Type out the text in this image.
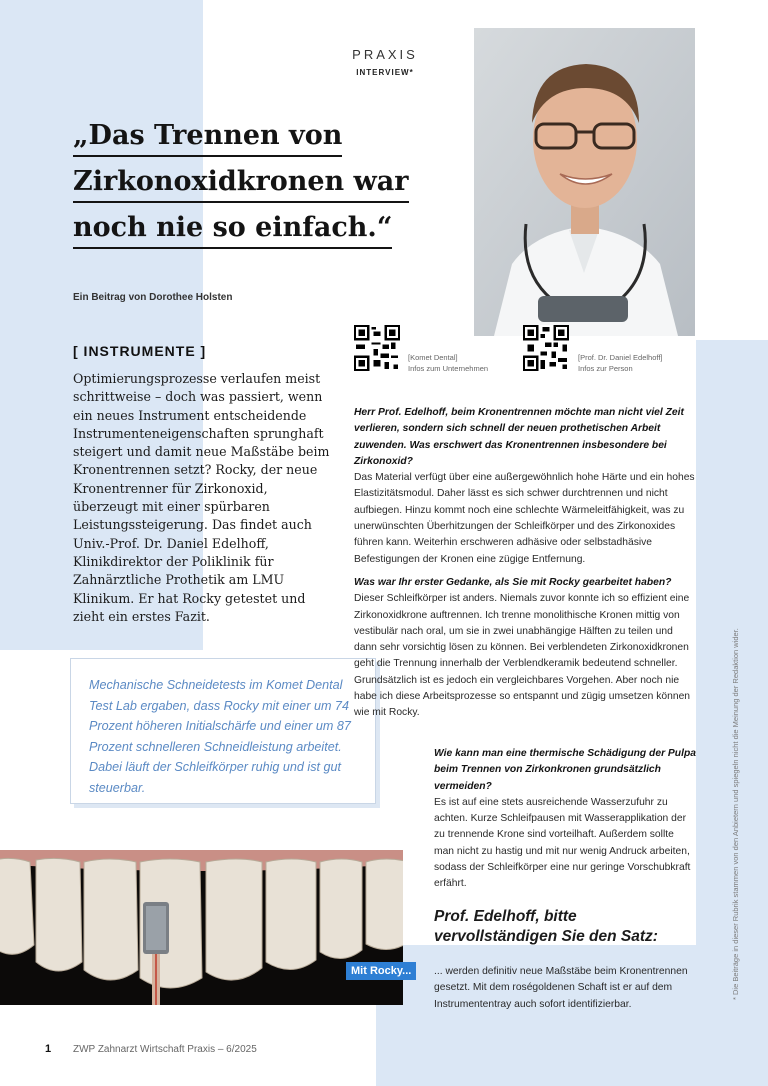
PRAXIS
INTERVIEW*
„Das Trennen von
Zirkonoxidkronen war
noch nie so einfach.“
Ein Beitrag von Dorothee Holsten
[Komet Dental]
Infos zum Unternehmen
[Prof. Dr. Daniel Edelhoff]
Infos zur Person
[ INSTRUMENTE ]

Optimierungsprozesse verlaufen meist schrittweise – doch was passiert, wenn ein neues Instrument entscheidende Instrumenteneigenschaften sprunghaft steigert und damit neue Maßstäbe beim Kronentrennen setzt? Rocky, der neue Kronentrenner für Zirkonoxid, überzeugt mit einer spürbaren Leistungssteigerung. Das findet auch Univ.-Prof. Dr. Daniel Edelhoff, Klinikdirektor der Poliklinik für Zahnärztliche Prothetik am LMU Klinikum. Er hat Rocky getestet und zieht ein erstes Fazit.

Mechanische Schneidetests im Komet Dental Test Lab ergaben, dass Rocky mit einer um 74 Prozent höheren Initialschärfe und einer um 87 Prozent schnelleren Schneidleistung arbeitet. Dabei läuft der Schleifkörper ruhig und ist gut steuerbar.

Herr Prof. Edelhoff, beim Kronentrennen möchte man nicht viel Zeit verlieren, sondern sich schnell der neuen prothetischen Arbeit zuwenden. Was erschwert das Kronentrennen insbesondere bei Zirkonoxid?
Das Material verfügt über eine außergewöhnlich hohe Härte und ein hohes Elastizitätsmodul. Daher lässt es sich schwer durchtrennen und nicht aufbiegen. Hinzu kommt noch eine schlechte Wärmeleitfähigkeit, was zu unerwünschten Überhitzungen der Schleifkörper und des Zirkonoxides führen kann. Weiterhin erschweren adhäsive oder selbstadhäsive Befestigungen der Kronen eine zügige Entfernung.
Was war Ihr erster Gedanke, als Sie mit Rocky gearbeitet haben?
Dieser Schleifkörper ist anders. Niemals zuvor konnte ich so effizient eine Zirkonoxidkrone auftrennen. Ich trenne monolithische Kronen mittig von vestibulär nach oral, um sie in zwei unabhängige Hälften zu teilen und dann sehr vorsichtig lösen zu können. Bei verblendeten Zirkonoxidkronen geht die Trennung innerhalb der Verblendkeramik bedeutend schneller. Grundsätzlich ist es jedoch ein vergleichbares Vorgehen. Aber noch nie habe ich diese Arbeitsprozesse so entspannt und zügig umsetzen können wie mit Rocky.
Wie kann man eine thermische Schädigung der Pulpa beim Trennen von Zirkonkronen grundsätzlich vermeiden?
Es ist auf eine stets ausreichende Wasserzufuhr zu achten. Kurze Schleifpausen mit Wasserapplikation der zu trennende Krone sind vorteilhaft. Außerdem sollte man nicht zu hastig und mit nur wenig Andruck arbeiten, sodass der Schleifkörper eine nur geringe Vorschubkraft erfährt.
Prof. Edelhoff, bitte vervollständigen Sie den Satz:
Mit Rocky...	... werden definitiv neue Maßstäbe beim Kronentrennen gesetzt. Mit dem roségoldenen Schaft ist er auf dem Instrumententray auch sofort identifizierbar.
* Die Beiträge in dieser Rubrik stammen von den Anbietern und spiegeln nicht die Meinung der Redaktion wider.
1 ZWP Zahnarzt Wirtschaft Praxis – 6/2025
